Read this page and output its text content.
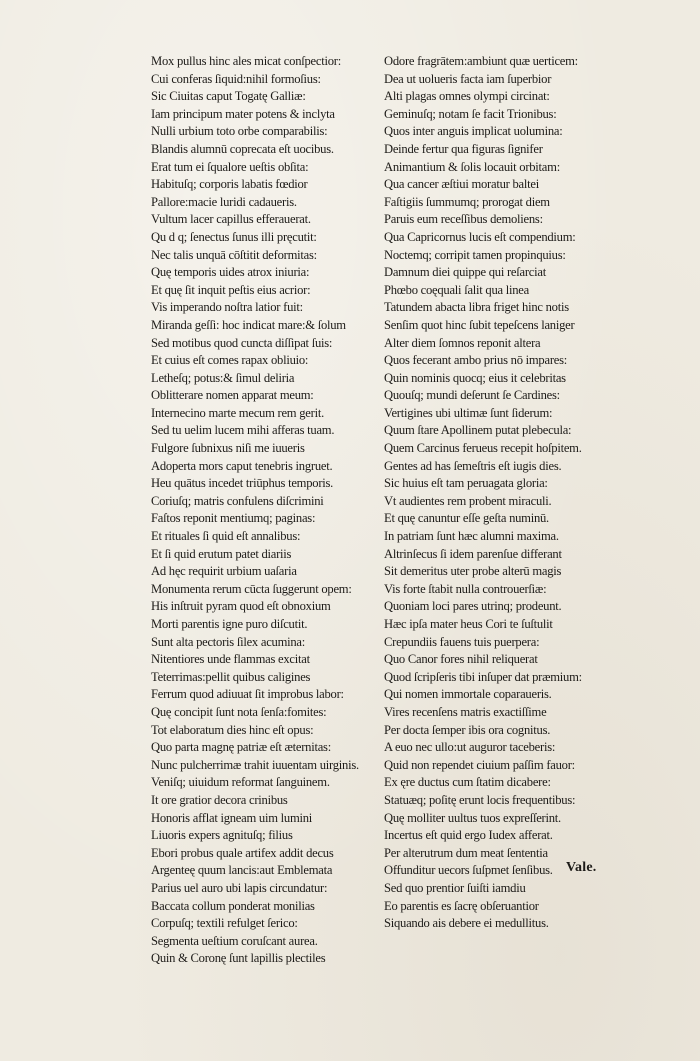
Mox pullus hinc ales micat conſpectior:
Cui conferas ſiquid:nihil formoſius:
Sic Ciuitas caput Togatę Galliæ:
Iam principum mater potens & inclyta
Nulli urbium toto orbe comparabilis:
Blandis alumnū coprecata eſt uocibus.
Erat tum ei ſqualore ueſtis obſita:
Habituſq; corporis labatis fœdior
Pallore:macie luridi cadaueris.
Vultum lacer capillus efferauerat.
Qu d q; ſenectus ſunus illi pręcutit:
Nec talis unquā cōſtitit deformitas:
Quę temporis uides atrox iniuria:
Et quę ſit inquit peſtis eius acrior:
Vis imperando noſtra latior fuit:
Miranda geſſi: hoc indicat mare:& ſolum
Sed motibus quod cuncta diſſipat ſuis:
Et cuius eſt comes rapax obliuio:
Letheſq; potus:& ſimul deliria
Oblitterare nomen apparat meum:
Internecino marte mecum rem gerit.
Sed tu uelim lucem mihi afferas tuam.
Fulgore ſubnixus niſi me iuueris
Adoperta mors caput tenebris ingruet.
Heu quātus incedet triūphus temporis.
Coriuſq; matris confulens diſcrimini
Faſtos reponit mentiumq; paginas:
Et rituales ſi quid eſt annalibus:
Et ſi quid erutum patet diariis
Ad hęc requirit urbium uaſaria
Monumenta rerum cūcta ſuggerunt opem:
His inſtruit pyram quod eſt obnoxium
Morti parentis igne puro diſcutit.
Sunt alta pectoris ſilex acumina:
Nitentiores unde flammas excitat
Teterrimas:pellit quibus caligines
Ferrum quod adiuuat ſit improbus labor:
Quę concipit ſunt nota ſenſa:fomites:
Tot elaboratum dies hinc eſt opus:
Quo parta magnę patriæ eſt æternitas:
Nunc pulcherrimæ trahit iuuentam uirginis.
Veniſq; uiuidum reformat ſanguinem.
It ore gratior decora crinibus
Honoris afflat igneam uim lumini
Liuoris expers agnituſq; filius
Ebori probus quale artifex addit decus
Argenteę quum lancis:aut Emblemata
Parius uel auro ubi lapis circundatur:
Baccata collum ponderat monilias
Corpuſq; textili refulget ſerico:
Segmenta ueſtium coruſcant aurea.
Quin & Coronę ſunt lapillis plectiles
Odore fragrātem:ambiunt quæ uerticem:
Dea ut uolueris facta iam ſuperbior
Alti plagas omnes olympi circinat:
Geminuſq; notam ſe facit Trionibus:
Quos inter anguis implicat uolumina:
Deinde fertur qua figuras ſignifer
Animantium & ſolis locauit orbitam:
Qua cancer æſtiui moratur baltei
Faſtigiis ſummumq; prorogat diem
Paruis eum receſſibus demoliens:
Qua Capricornus lucis eſt compendium:
Noctemq; corripit tamen propinquius:
Damnum diei quippe qui reſarciat
Phœbo coęquali ſalit qua linea
Tatundem abacta libra friget hinc notis
Senſim quot hinc ſubit tepeſcens laniger
Alter diem ſomnos reponit altera
Quos fecerant ambo prius nō impares:
Quin nominis quocq; eius it celebritas
Quouſq; mundi deſerunt ſe Cardines:
Vertigines ubi ultimæ ſunt ſiderum:
Quum ſtare Apollinem putat plebecula:
Quem Carcinus ferueus recepit hoſpitem.
Gentes ad has ſemeſtris eſt iugis dies.
Sic huius eſt tam peruagata gloria:
Vt audientes rem probent miraculi.
Et quę canuntur eſſe geſta numinū.
In patriam ſunt hæc alumni maxima.
Altrinſecus ſi idem parenſue differant
Sit demeritus uter probe alterū magis
Vis forte ſtabit nulla controuerſiæ:
Quoniam loci pares utrinq; prodeunt.
Hæc ipſa mater heus Cori te ſuſtulit
Crepundiis fauens tuis puerpera:
Quo Canor fores nihil reliquerat
Quod ſcripſeris tibi inſuper dat præmium:
Qui nomen immortale coparaueris.
Vires recenſens matris exactiſſime
Per docta ſemper ibis ora cognitus.
A euo nec ullo:ut auguror taceberis:
Quid non rependet ciuium paſſim fauor:
Ex ęre ductus cum ſtatim dicabere:
Statuæq; poſitę erunt locis frequentibus:
Quę molliter uultus tuos expreſſerint.
Incertus eſt quid ergo Iudex afferat.
Per alterutrum dum meat ſententia
Offunditur uecors ſuſpmet ſenſibus.
Sed quo prentior ſuiſti iamdiu
Eo parentis es ſacrę obſeruantior
Siquando ais debere ei medullitus.
Vale.
